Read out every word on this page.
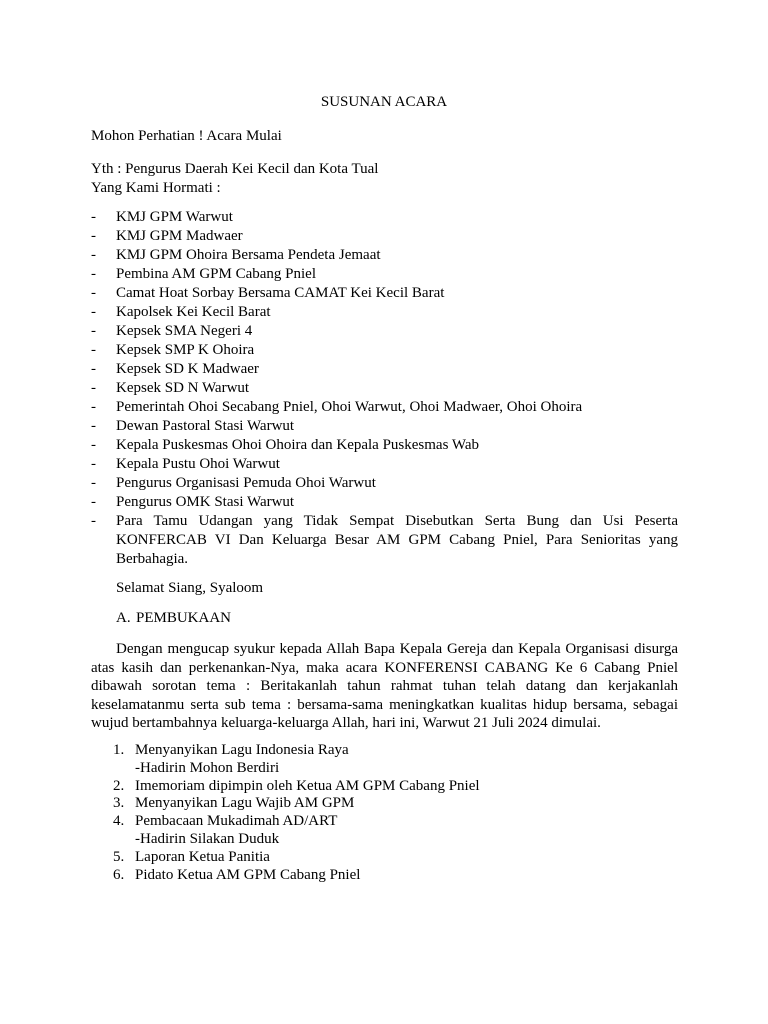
SUSUNAN ACARA
Mohon Perhatian ! Acara Mulai
Yth : Pengurus Daerah Kei Kecil dan Kota Tual
Yang Kami Hormati :
- KMJ GPM Warwut
- KMJ GPM Madwaer
- KMJ GPM Ohoira Bersama Pendeta Jemaat
- Pembina AM GPM Cabang Pniel
- Camat Hoat Sorbay Bersama CAMAT Kei Kecil Barat
- Kapolsek Kei Kecil Barat
- Kepsek SMA Negeri 4
- Kepsek SMP K Ohoira
- Kepsek SD K Madwaer
- Kepsek SD N Warwut
- Pemerintah Ohoi Secabang Pniel, Ohoi Warwut, Ohoi Madwaer, Ohoi Ohoira
- Dewan Pastoral Stasi Warwut
- Kepala Puskesmas Ohoi Ohoira dan Kepala Puskesmas Wab
- Kepala Pustu Ohoi Warwut
- Pengurus Organisasi Pemuda Ohoi Warwut
- Pengurus OMK Stasi Warwut
- Para Tamu Udangan yang Tidak Sempat Disebutkan Serta Bung dan Usi Peserta KONFERCAB VI Dan Keluarga Besar AM GPM Cabang Pniel, Para Senioritas yang Berbahagia.
Selamat Siang, Syaloom
A. PEMBUKAAN

Dengan mengucap syukur kepada Allah Bapa Kepala Gereja dan Kepala Organisasi disurga atas kasih dan perkenankan-Nya, maka acara KONFERENSI CABANG Ke 6 Cabang Pniel dibawah sorotan tema : Beritakanlah tahun rahmat tuhan telah datang dan kerjakanlah keselamatanmu serta sub tema : bersama-sama meningkatkan kualitas hidup bersama, sebagai wujud bertambahnya keluarga-keluarga Allah, hari ini, Warwut 21 Juli 2024 dimulai.

1. Menyanyikan Lagu Indonesia Raya
-Hadirin Mohon Berdiri
2. Imemoriam dipimpin oleh Ketua AM GPM Cabang Pniel
3. Menyanyikan Lagu Wajib AM GPM
4. Pembacaan Mukadimah AD/ART
-Hadirin Silakan Duduk
5. Laporan Ketua Panitia
6. Pidato Ketua AM GPM Cabang Pniel
